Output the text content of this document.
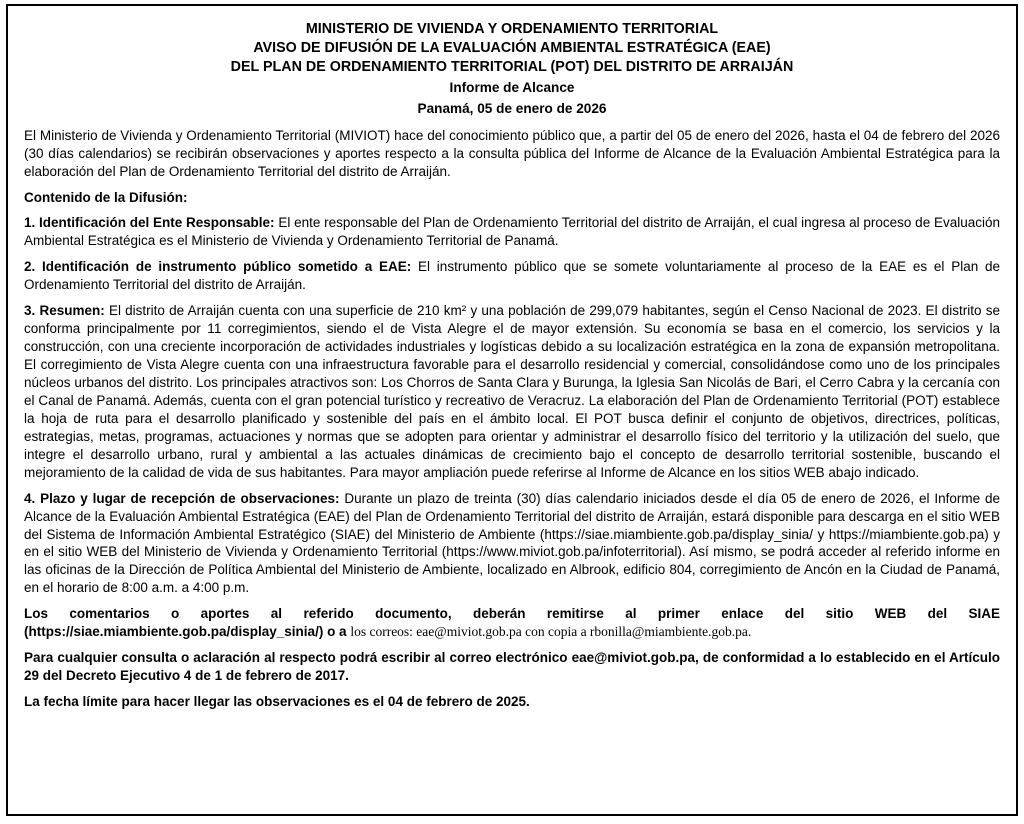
MINISTERIO DE VIVIENDA Y ORDENAMIENTO TERRITORIAL
AVISO DE DIFUSIÓN DE LA EVALUACIÓN AMBIENTAL ESTRATÉGICA (EAE)
DEL PLAN DE ORDENAMIENTO TERRITORIAL (POT) DEL DISTRITO DE ARRAIJÁN
Informe de Alcance
Panamá, 05 de enero de 2026

El Ministerio de Vivienda y Ordenamiento Territorial (MIVIOT) hace del conocimiento público que, a partir del 05 de enero del 2026, hasta el 04 de febrero del 2026 (30 días calendarios) se recibirán observaciones y aportes respecto a la consulta pública del Informe de Alcance de la Evaluación Ambiental Estratégica para la elaboración del Plan de Ordenamiento Territorial del distrito de Arraiján.

Contenido de la Difusión:

1. Identificación del Ente Responsable: El ente responsable del Plan de Ordenamiento Territorial del distrito de Arraiján, el cual ingresa al proceso de Evaluación Ambiental Estratégica es el Ministerio de Vivienda y Ordenamiento Territorial de Panamá.

2. Identificación de instrumento público sometido a EAE: El instrumento público que se somete voluntariamente al proceso de la EAE es el Plan de Ordenamiento Territorial del distrito de Arraiján.

3. Resumen: El distrito de Arraiján cuenta con una superficie de 210 km² y una población de 299,079 habitantes, según el Censo Nacional de 2023. El distrito se conforma principalmente por 11 corregimientos, siendo el de Vista Alegre el de mayor extensión. Su economía se basa en el comercio, los servicios y la construcción, con una creciente incorporación de actividades industriales y logísticas debido a su localización estratégica en la zona de expansión metropolitana. El corregimiento de Vista Alegre cuenta con una infraestructura favorable para el desarrollo residencial y comercial, consolidándose como uno de los principales núcleos urbanos del distrito. Los principales atractivos son: Los Chorros de Santa Clara y Burunga, la Iglesia San Nicolás de Bari, el Cerro Cabra y la cercanía con el Canal de Panamá. Además, cuenta con el gran potencial turístico y recreativo de Veracruz. La elaboración del Plan de Ordenamiento Territorial (POT) establece la hoja de ruta para el desarrollo planificado y sostenible del país en el ámbito local. El POT busca definir el conjunto de objetivos, directrices, políticas, estrategias, metas, programas, actuaciones y normas que se adopten para orientar y administrar el desarrollo físico del territorio y la utilización del suelo, que integre el desarrollo urbano, rural y ambiental a las actuales dinámicas de crecimiento bajo el concepto de desarrollo territorial sostenible, buscando el mejoramiento de la calidad de vida de sus habitantes. Para mayor ampliación puede referirse al Informe de Alcance en los sitios WEB abajo indicado.

4. Plazo y lugar de recepción de observaciones: Durante un plazo de treinta (30) días calendario iniciados desde el día 05 de enero de 2026, el Informe de Alcance de la Evaluación Ambiental Estratégica (EAE) del Plan de Ordenamiento Territorial del distrito de Arraiján, estará disponible para descarga en el sitio WEB del Sistema de Información Ambiental Estratégico (SIAE) del Ministerio de Ambiente (https://siae.miambiente.gob.pa/display_sinia/ y https://miambiente.gob.pa) y en el sitio WEB del Ministerio de Vivienda y Ordenamiento Territorial (https://www.miviot.gob.pa/infoterritorial). Así mismo, se podrá acceder al referido informe en las oficinas de la Dirección de Política Ambiental del Ministerio de Ambiente, localizado en Albrook, edificio 804, corregimiento de Ancón en la Ciudad de Panamá, en el horario de 8:00 a.m. a 4:00 p.m.

Los comentarios o aportes al referido documento, deberán remitirse al primer enlace del sitio WEB del SIAE (https://siae.miambiente.gob.pa/display_sinia/) o a los correos: eae@miviot.gob.pa con copia a rbonilla@miambiente.gob.pa.

Para cualquier consulta o aclaración al respecto podrá escribir al correo electrónico eae@miviot.gob.pa, de conformidad a lo establecido en el Artículo 29 del Decreto Ejecutivo 4 de 1 de febrero de 2017.

La fecha límite para hacer llegar las observaciones es el 04 de febrero de 2025.
